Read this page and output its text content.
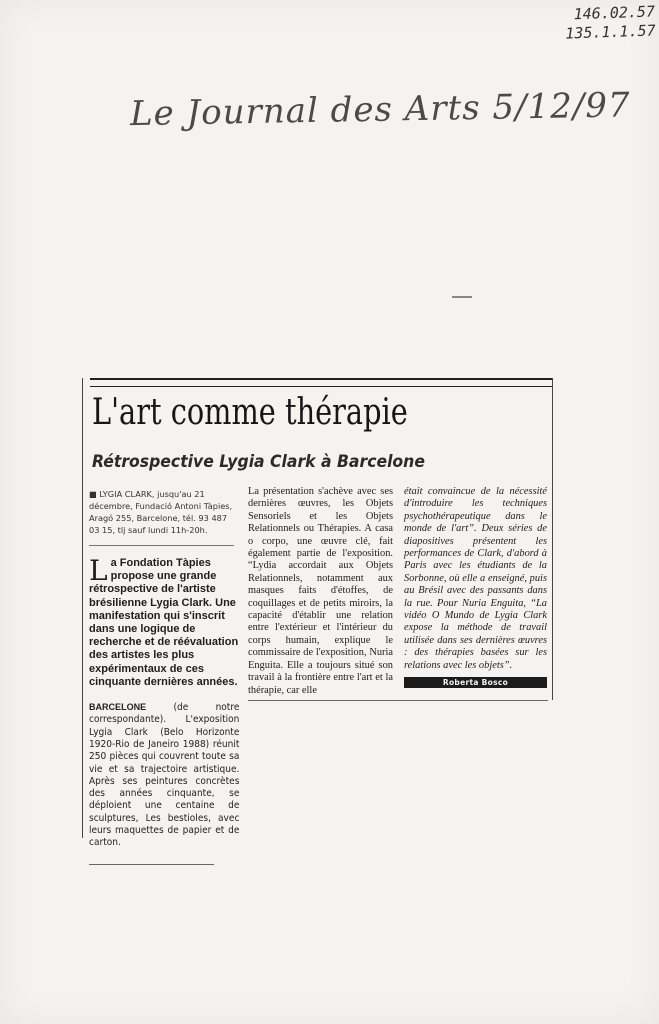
146.02.57
135.1.1.57
Le Journal des Arts 5/12/97
L'art comme thérapie
Rétrospective Lygia Clark à Barcelone

■ LYGIA CLARK, jusqu'au 21 décembre, Fundació Antoni Tàpies, Aragó 255, Barcelone, tél. 93 487 03 15, tlj sauf lundi 11h-20h.

La Fondation Tàpies propose une grande rétrospective de l'artiste brésilienne Lygia Clark. Une manifestation qui s'inscrit dans une logique de recherche et de réévaluation des artistes les plus expérimentaux de ces cinquante dernières années.

BARCELONE (de notre correspondante). L'exposition Lygia Clark (Belo Horizonte 1920-Rio de Janeiro 1988) réunit 250 pièces qui couvrent toute sa vie et sa trajectoire artistique. Après ses peintures concrètes des années cinquante, se déploient une centaine de sculptures, Les bestioles, avec leurs maquettes de papier et de carton.

La présentation s'achève avec ses dernières œuvres, les Objets Sensoriels et les Objets Relationnels ou Thérapies. A casa o corpo, une œuvre clé, fait également partie de l'exposition. “Lydia accordait aux Objets Relationnels, notamment aux masques faits d'étoffes, de coquillages et de petits miroirs, la capacité d'établir une relation entre l'extérieur et l'intérieur du corps humain, explique le commissaire de l'exposition, Nuria Enguita. Elle a toujours situé son travail à la frontière entre l'art et la thérapie, car elle

était convaincue de la nécessité d'introduire les techniques psychothérapeutique dans le monde de l'art”. Deux séries de diapositives présentent les performances de Clark, d'abord à Paris avec les étudiants de la Sorbonne, où elle a enseigné, puis au Brésil avec des passants dans la rue. Pour Nuria Enguita, “La vidéo O Mundo de Lygia Clark expose la méthode de travail utilisée dans ses dernières œuvres : des thérapies basées sur les relations avec les objets”.

Roberta Bosco
